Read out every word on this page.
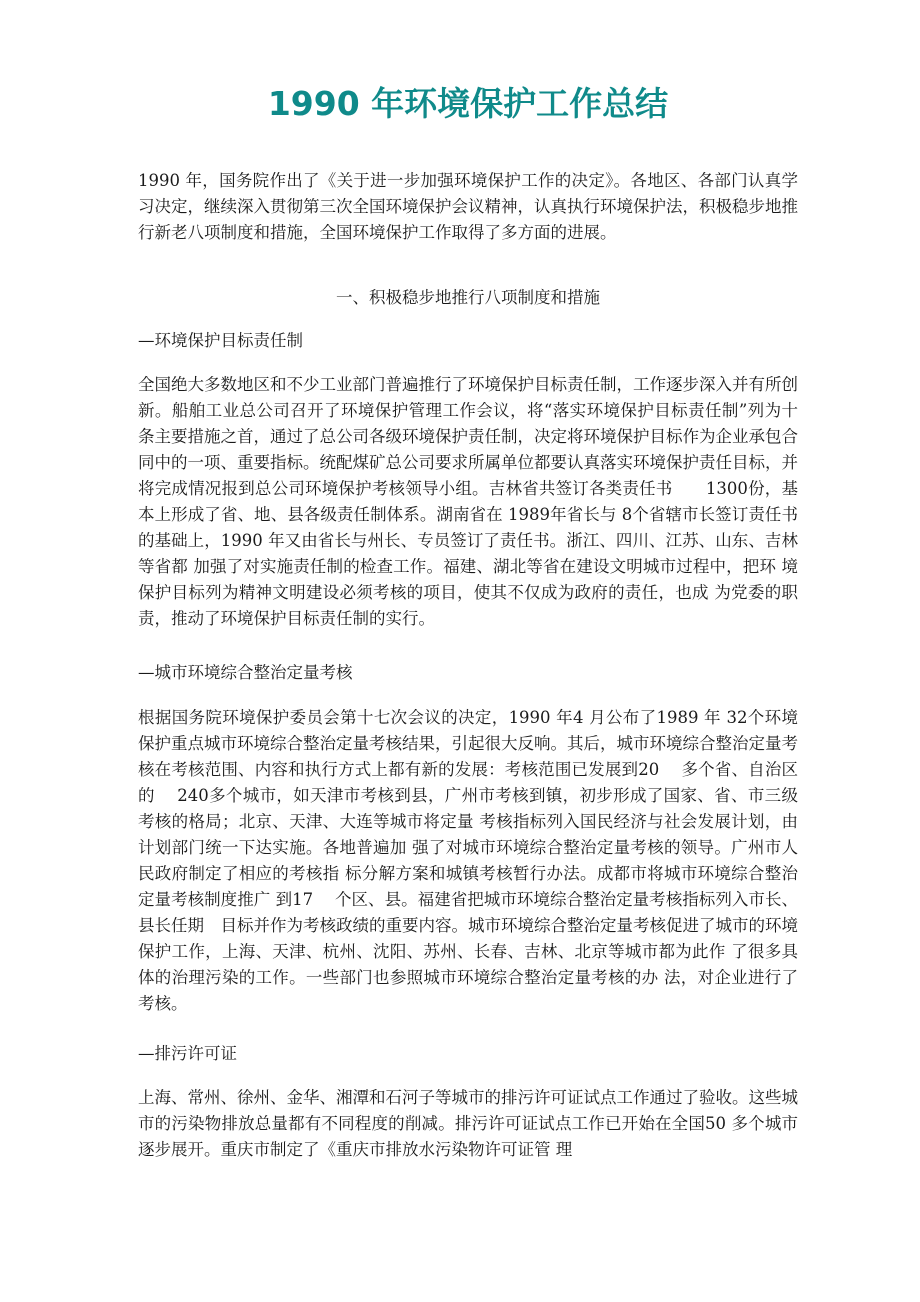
1990 年环境保护工作总结

1990 年，国务院作出了《关于进一步加强环境保护工作的决定》。各地区、各部门认真学习决定，继续深入贯彻第三次全国环境保护会议精神，认真执行环境保护法，积极稳步地推行新老八项制度和措施，全国环境保护工作取得了多方面的进展。

一、积极稳步地推行八项制度和措施

—环境保护目标责任制

全国绝大多数地区和不少工业部门普遍推行了环境保护目标责任制，工作逐步深入并有所创新。船舶工业总公司召开了环境保护管理工作会议，将“落实环境保护目标责任制”列为十条主要措施之首，通过了总公司各级环境保护责任制，决定将环境保护目标作为企业承包合同中的一项、重要指标。统配煤矿总公司要求所属单位都要认真落实环境保护责任目标，并将完成情况报到总公司环境保护考核领导小组。吉林省共签订各类责任书　　1300份，基本上形成了省、地、县各级责任制体系。湖南省在 1989年省长与 8个省辖市长签订责任书的基础上，1990 年又由省长与州长、专员签订了责任书。浙江、四川、江苏、山东、吉林等省都 加强了对实施责任制的检查工作。福建、湖北等省在建设文明城市过程中，把环 境保护目标列为精神文明建设必须考核的项目，使其不仅成为政府的责任，也成 为党委的职责，推动了环境保护目标责任制的实行。

—城市环境综合整治定量考核

根据国务院环境保护委员会第十七次会议的决定，1990 年4 月公布了1989 年 32个环境保护重点城市环境综合整治定量考核结果，引起很大反响。其后，城市环境综合整治定量考核在考核范围、内容和执行方式上都有新的发展：考核范围已发展到20　 多个省、自治区的　 240多个城市，如天津市考核到县，广州市考核到镇，初步形成了国家、省、市三级考核的格局；北京、天津、大连等城市将定量 考核指标列入国民经济与社会发展计划，由计划部门统一下达实施。各地普遍加 强了对城市环境综合整治定量考核的领导。广州市人民政府制定了相应的考核指 标分解方案和城镇考核暂行办法。成都市将城市环境综合整治定量考核制度推广 到17　 个区、县。福建省把城市环境综合整治定量考核指标列入市长、县长任期　目标并作为考核政绩的重要内容。城市环境综合整治定量考核促进了城市的环境 保护工作，上海、天津、杭州、沈阳、苏州、长春、吉林、北京等城市都为此作 了很多具体的治理污染的工作。一些部门也参照城市环境综合整治定量考核的办 法，对企业进行了考核。

—排污许可证

上海、常州、徐州、金华、湘潭和石河子等城市的排污许可证试点工作通过了验收。这些城市的污染物排放总量都有不同程度的削减。排污许可证试点工作已开始在全国50 多个城市逐步展开。重庆市制定了《重庆市排放水污染物许可证管 理
